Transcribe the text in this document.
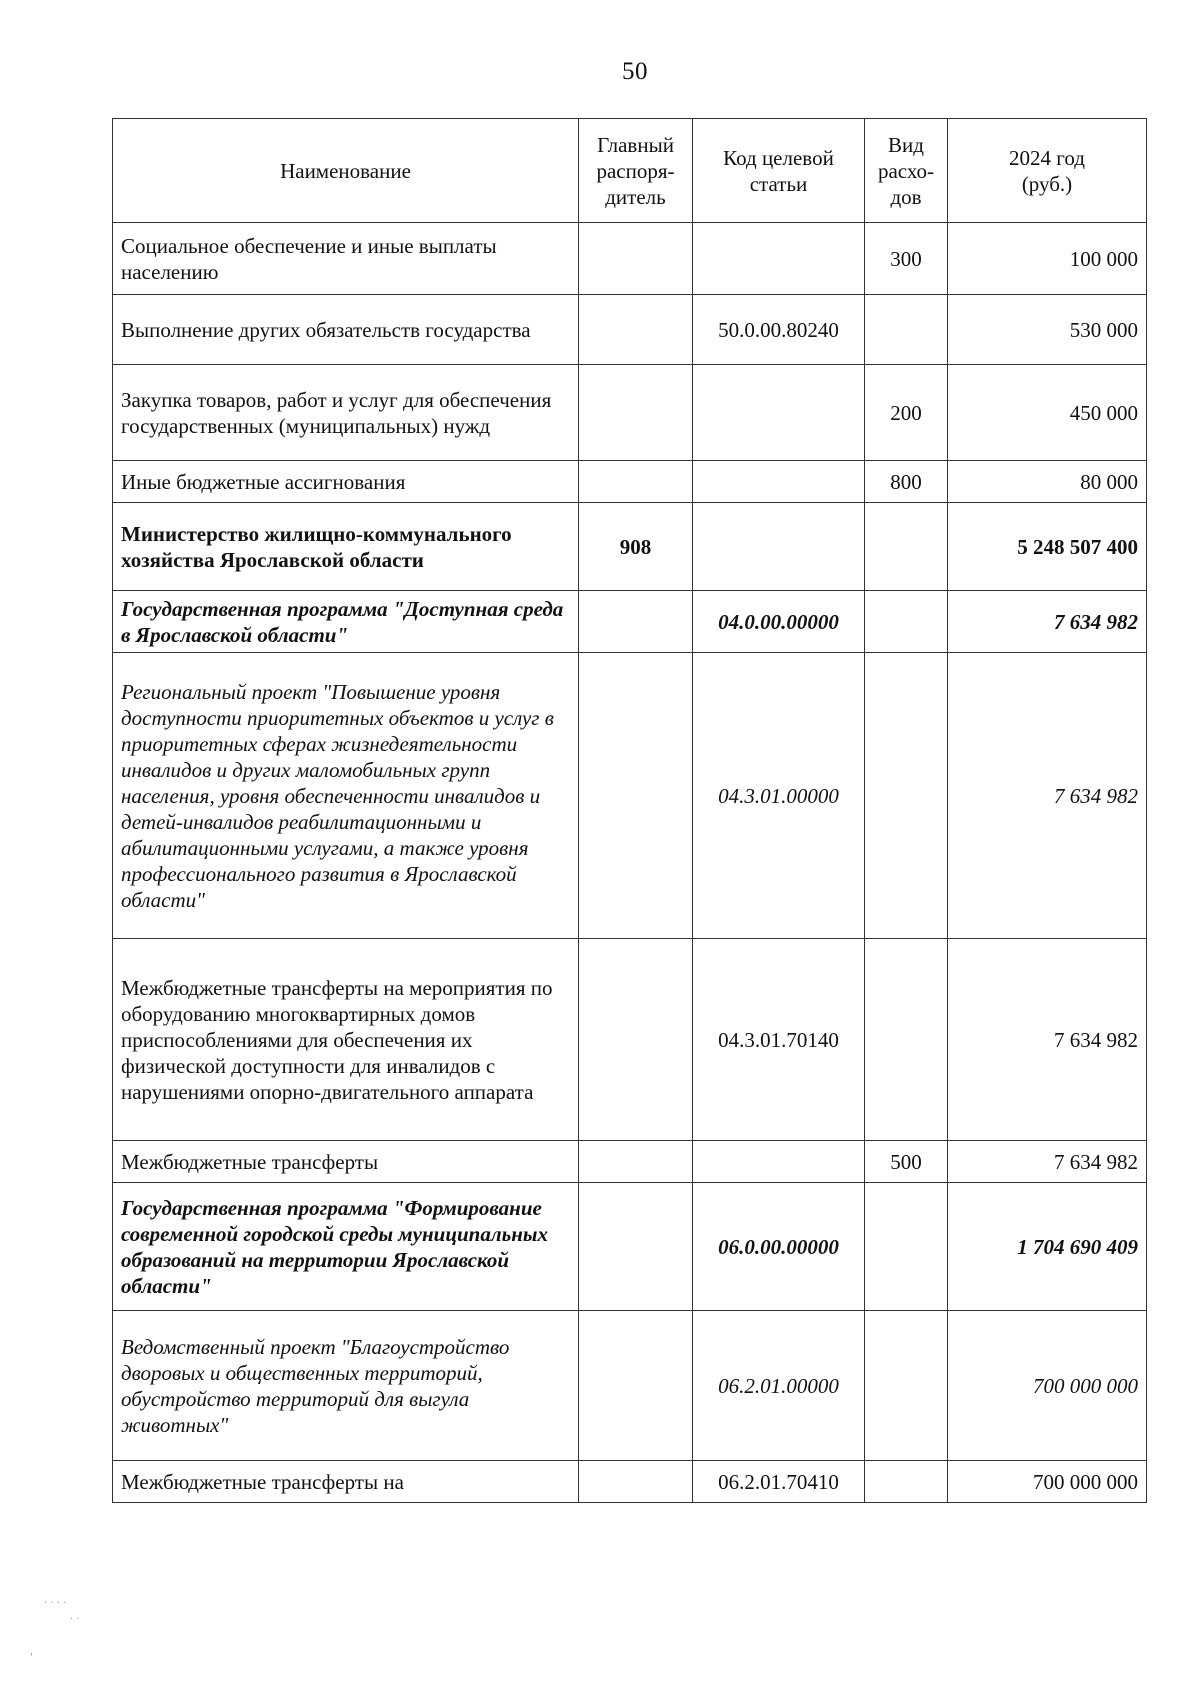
50
Наименование	Главный распоря-дитель	Код целевой статьи	Вид расхо-дов	2024 год (руб.)
Социальное обеспечение и иные выплаты населению			300	100 000
Выполнение других обязательств государства		50.0.00.80240		530 000
Закупка товаров, работ и услуг для обеспечения государственных (муниципальных) нужд			200	450 000
Иные бюджетные ассигнования			800	80 000
Министерство жилищно-коммунального хозяйства Ярославской области	908			5 248 507 400
Государственная программа "Доступная среда в Ярославской области"		04.0.00.00000		7 634 982
Региональный проект "Повышение уровня доступности приоритетных объектов и услуг в приоритетных сферах жизнедеятельности инвалидов и других маломобильных групп населения, уровня обеспеченности инвалидов и детей-инвалидов реабилитационными и абилитационными услугами, а также уровня профессионального развития в Ярославской области"		04.3.01.00000		7 634 982
Межбюджетные трансферты на мероприятия по оборудованию многоквартирных домов приспособлениями для обеспечения их физической доступности для инвалидов с нарушениями опорно-двигательного аппарата		04.3.01.70140		7 634 982
Межбюджетные трансферты			500	7 634 982
Государственная программа "Формирование современной городской среды муниципальных образований на территории Ярославской области"		06.0.00.00000		1 704 690 409
Ведомственный проект "Благоустройство дворовых и общественных территорий, обустройство территорий для выгула животных"		06.2.01.00000		700 000 000
Межбюджетные трансферты на		06.2.01.70410		700 000 000
· · · ·
· ·
'
